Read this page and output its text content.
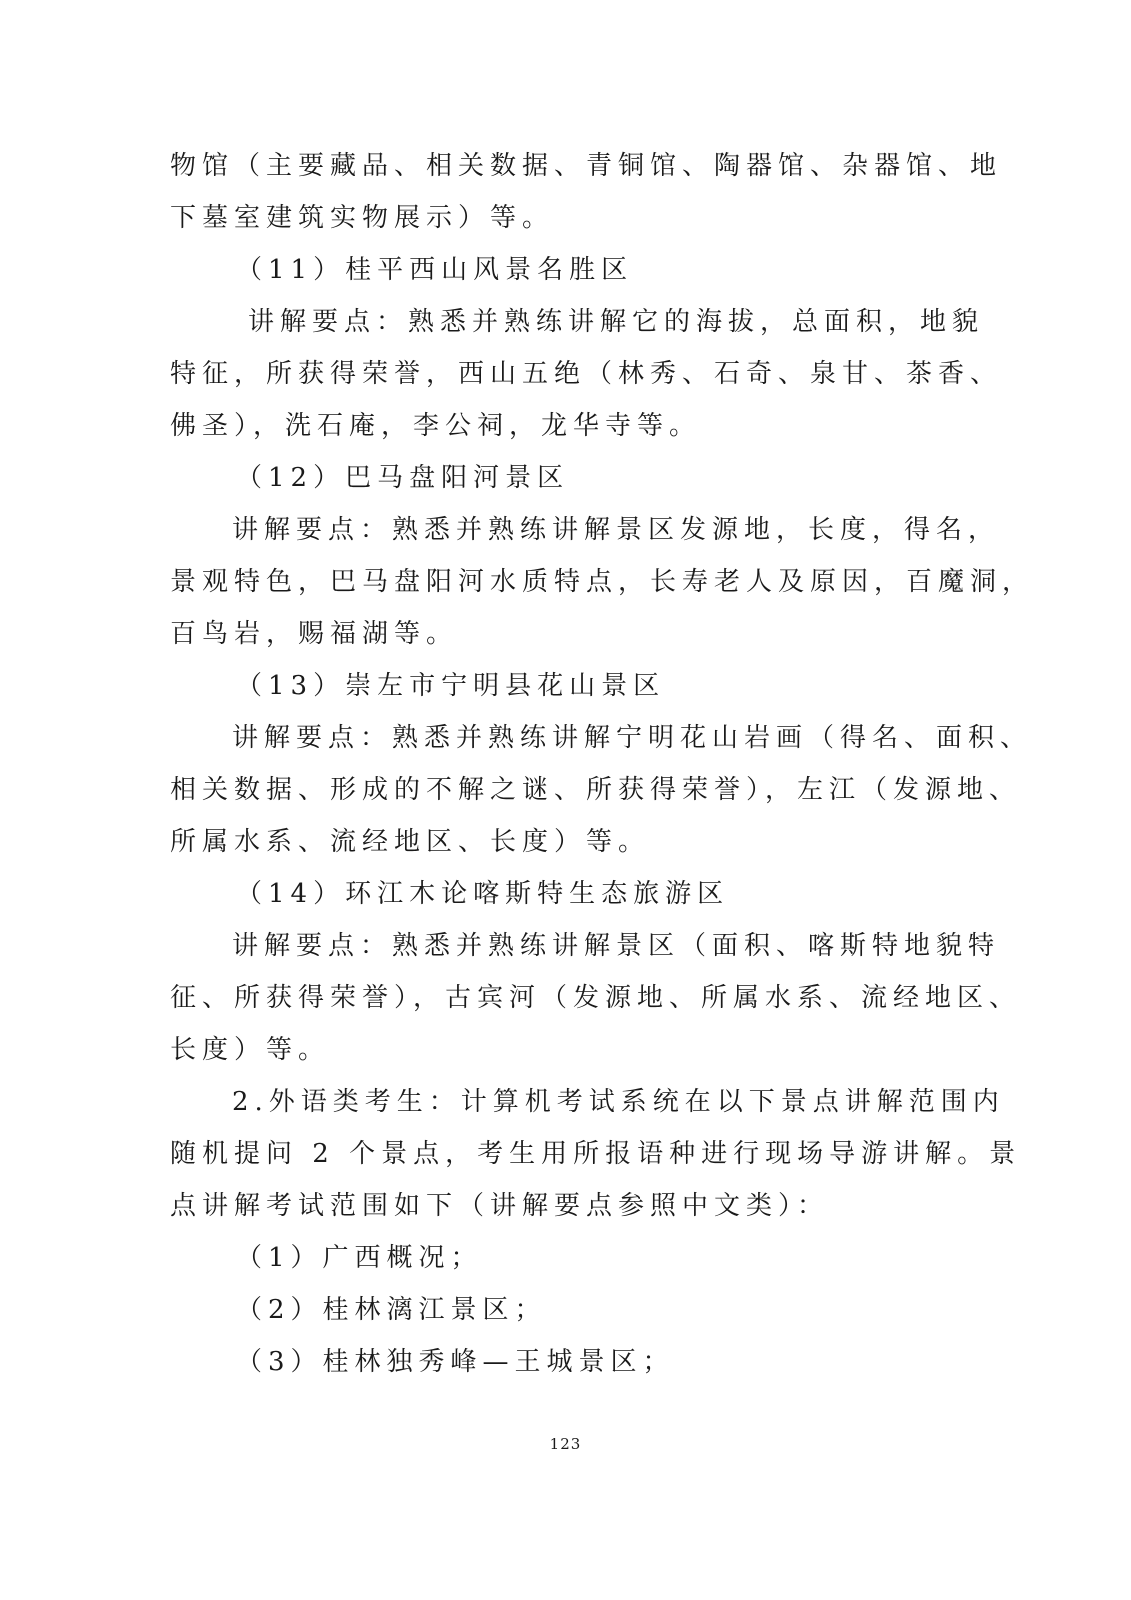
物馆（主要藏品、相关数据、青铜馆、陶器馆、杂器馆、地
下墓室建筑实物展示）等。
（11）桂平西山风景名胜区
讲解要点：熟悉并熟练讲解它的海拔，总面积，地貌
特征，所获得荣誉，西山五绝（林秀、石奇、泉甘、茶香、
佛圣），洗石庵，李公祠，龙华寺等。
（12）巴马盘阳河景区
讲解要点：熟悉并熟练讲解景区发源地，长度，得名，
景观特色，巴马盘阳河水质特点，长寿老人及原因，百魔洞，
百鸟岩，赐福湖等。
（13）崇左市宁明县花山景区
讲解要点：熟悉并熟练讲解宁明花山岩画（得名、面积、
相关数据、形成的不解之谜、所获得荣誉），左江（发源地、
所属水系、流经地区、长度）等。
（14）环江木论喀斯特生态旅游区
讲解要点：熟悉并熟练讲解景区（面积、喀斯特地貌特
征、所获得荣誉），古宾河（发源地、所属水系、流经地区、
长度）等。
2.外语类考生：计算机考试系统在以下景点讲解范围内
随机提问 2 个景点，考生用所报语种进行现场导游讲解。景
点讲解考试范围如下（讲解要点参照中文类）：
（1）广西概况；
（2）桂林漓江景区；
（3）桂林独秀峰—王城景区；
123
